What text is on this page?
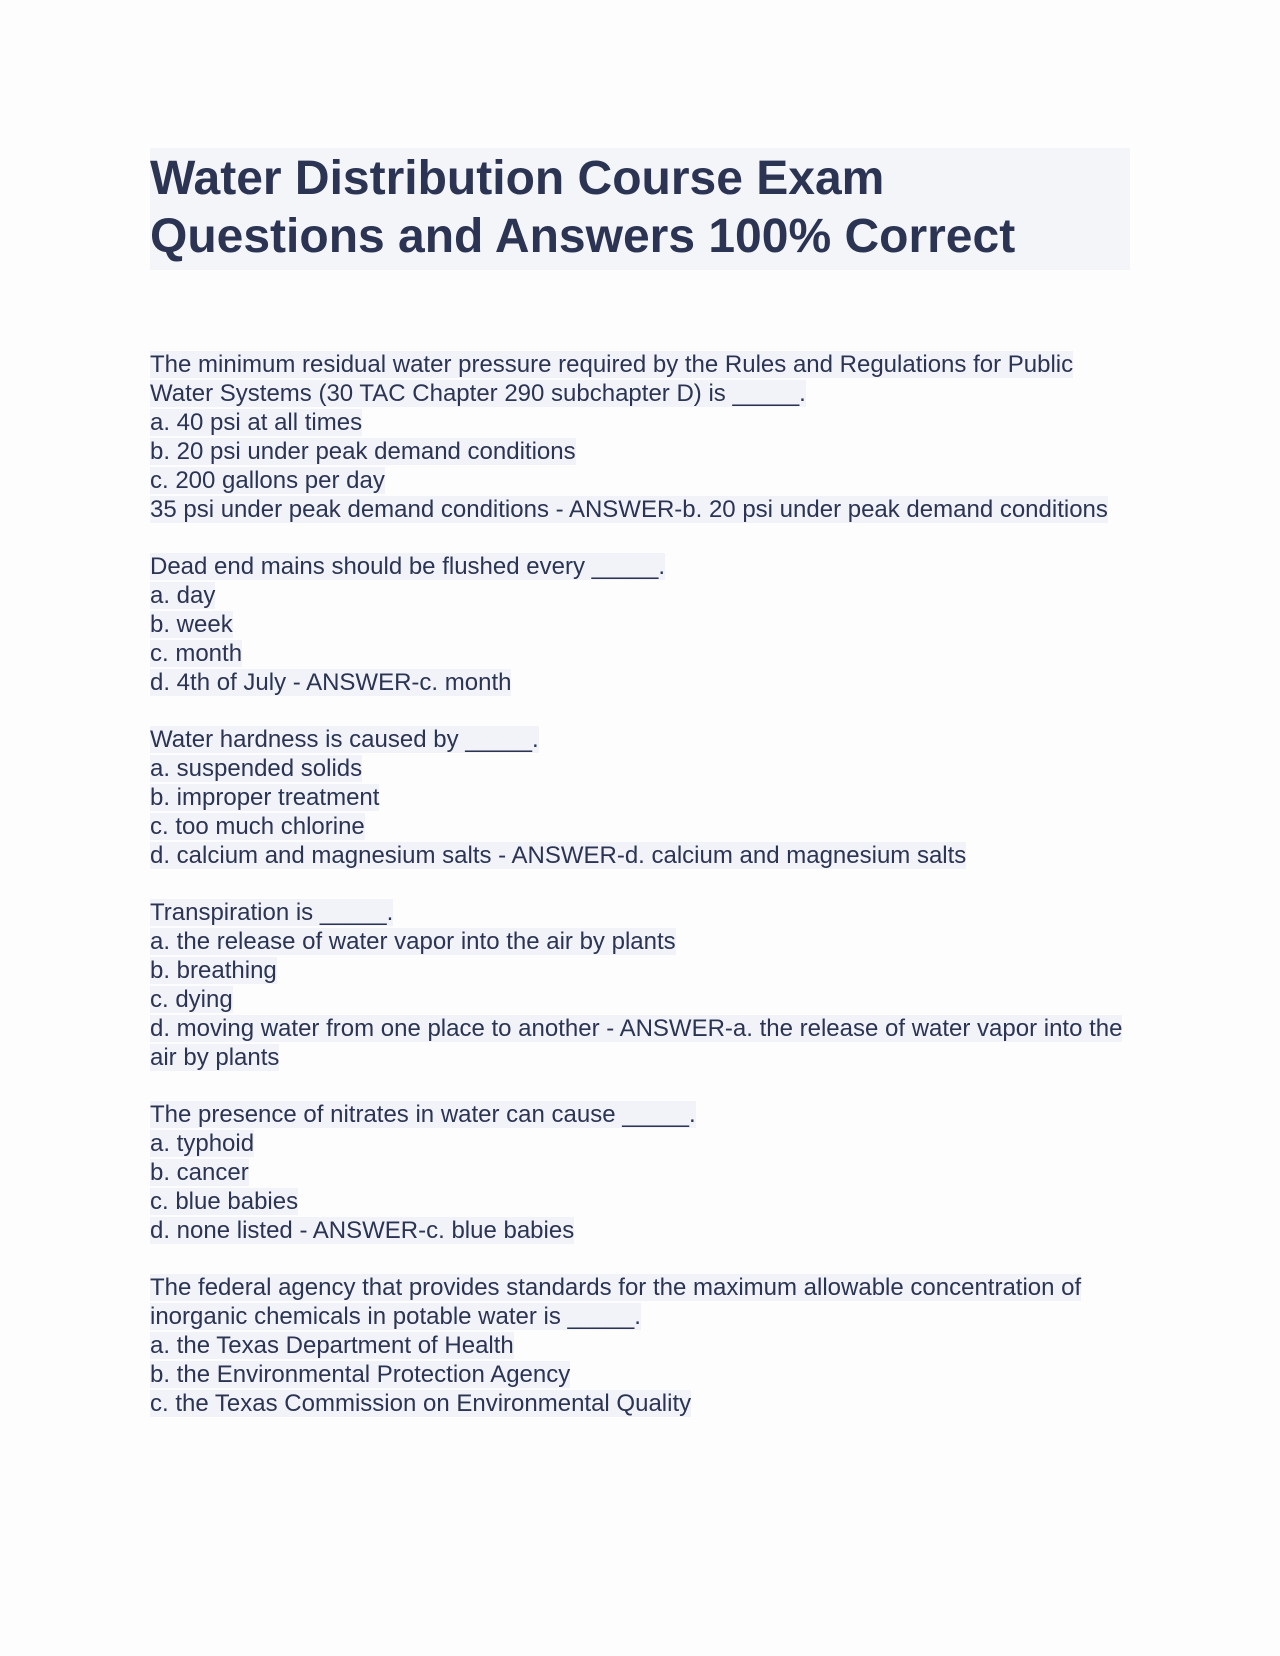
Water Distribution Course Exam Questions and Answers 100% Correct
The minimum residual water pressure required by the Rules and Regulations for Public Water Systems (30 TAC Chapter 290 subchapter D) is _____.
a. 40 psi at all times
b. 20 psi under peak demand conditions
c. 200 gallons per day
35 psi under peak demand conditions - ANSWER-b. 20 psi under peak demand conditions
Dead end mains should be flushed every _____.
a. day
b. week
c. month
d. 4th of July - ANSWER-c. month
Water hardness is caused by _____.
a. suspended solids
b. improper treatment
c. too much chlorine
d. calcium and magnesium salts - ANSWER-d. calcium and magnesium salts
Transpiration is _____.
a. the release of water vapor into the air by plants
b. breathing
c. dying
d. moving water from one place to another - ANSWER-a. the release of water vapor into the air by plants
The presence of nitrates in water can cause _____.
a. typhoid
b. cancer
c. blue babies
d. none listed - ANSWER-c. blue babies
The federal agency that provides standards for the maximum allowable concentration of inorganic chemicals in potable water is _____.
a. the Texas Department of Health
b. the Environmental Protection Agency
c. the Texas Commission on Environmental Quality
